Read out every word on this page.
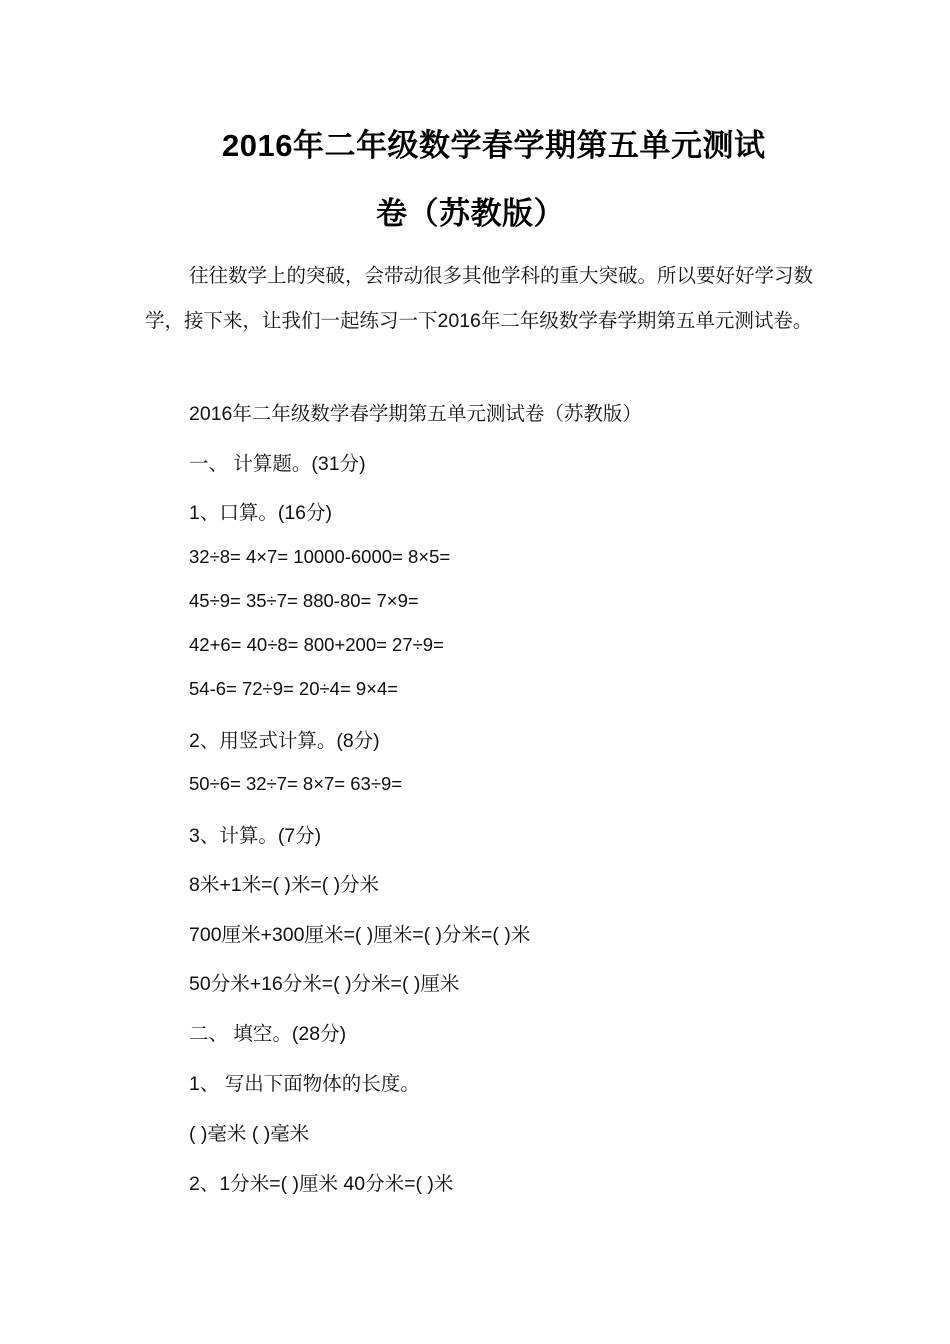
2016年二年级数学春学期第五单元测试
卷（苏教版）

往往数学上的突破，会带动很多其他学科的重大突破。所以要好好学习数学，接下来，让我们一起练习一下2016年二年级数学春学期第五单元测试卷。

2016年二年级数学春学期第五单元测试卷（苏教版）

一、 计算题。(31分)

1、口算。(16分)

32÷8= 4×7= 10000-6000= 8×5=

45÷9= 35÷7= 880-80= 7×9=

42+6= 40÷8= 800+200= 27÷9=

54-6= 72÷9= 20÷4= 9×4=

2、用竖式计算。(8分)

50÷6= 32÷7= 8×7= 63÷9=

3、计算。(7分)

8米+1米=( )米=( )分米

700厘米+300厘米=( )厘米=( )分米=( )米

50分米+16分米=( )分米=( )厘米

二、 填空。(28分)

1、 写出下面物体的长度。

( )毫米 ( )毫米

2、1分米=( )厘米 40分米=( )米
